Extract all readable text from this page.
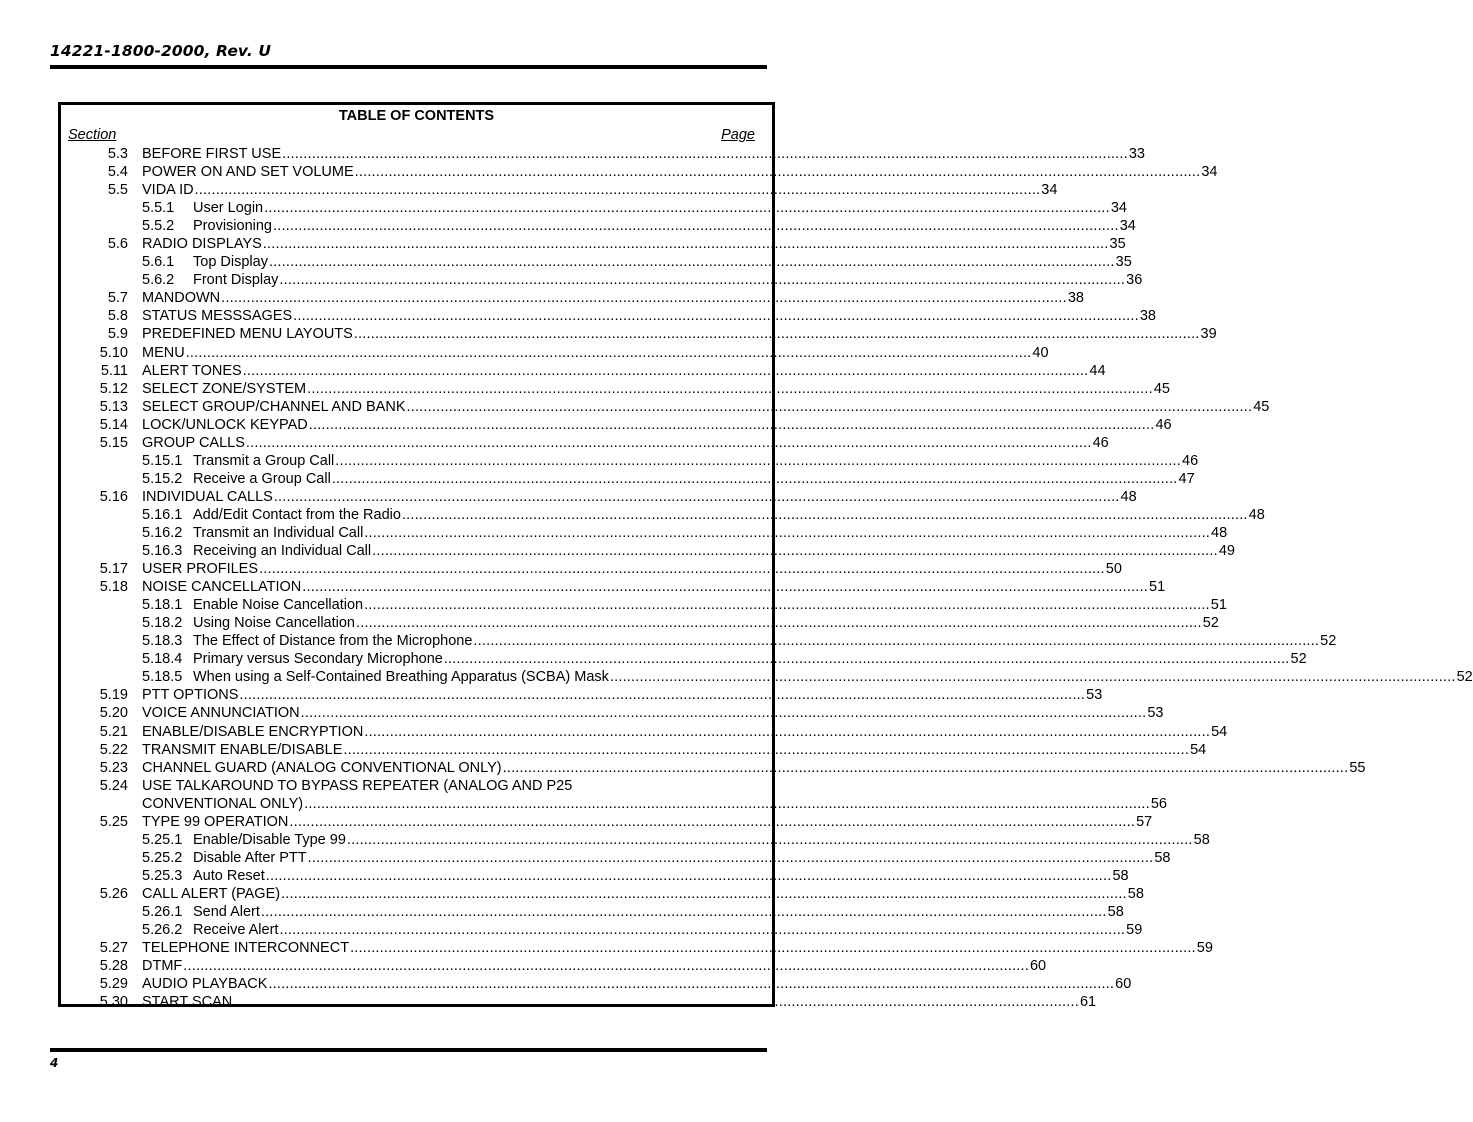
14221-1800-2000, Rev. U
TABLE OF CONTENTS
Section	Page
5.3 BEFORE FIRST USE ........................................................................................................................................................................................................ 33
5.4 POWER ON AND SET VOLUME ........................................................................................................................................................................................................ 34
5.5 VIDA ID ........................................................................................................................................................................................................ 34
5.5.1 User Login ........................................................................................................................................................................................................ 34
5.5.2 Provisioning ........................................................................................................................................................................................................ 34
5.6 RADIO DISPLAYS ........................................................................................................................................................................................................ 35
5.6.1 Top Display ........................................................................................................................................................................................................ 35
5.6.2 Front Display ........................................................................................................................................................................................................ 36
5.7 MANDOWN ........................................................................................................................................................................................................ 38
5.8 STATUS MESSSAGES ........................................................................................................................................................................................................ 38
5.9 PREDEFINED MENU LAYOUTS ........................................................................................................................................................................................................ 39
5.10 MENU ........................................................................................................................................................................................................ 40
5.11 ALERT TONES ........................................................................................................................................................................................................ 44
5.12 SELECT ZONE/SYSTEM ........................................................................................................................................................................................................ 45
5.13 SELECT GROUP/CHANNEL AND BANK ........................................................................................................................................................................................................ 45
5.14 LOCK/UNLOCK KEYPAD ........................................................................................................................................................................................................ 46
5.15 GROUP CALLS ........................................................................................................................................................................................................ 46
5.15.1 Transmit a Group Call ........................................................................................................................................................................................................ 46
5.15.2 Receive a Group Call ........................................................................................................................................................................................................ 47
5.16 INDIVIDUAL CALLS ........................................................................................................................................................................................................ 48
5.16.1 Add/Edit Contact from the Radio ........................................................................................................................................................................................................ 48
5.16.2 Transmit an Individual Call ........................................................................................................................................................................................................ 48
5.16.3 Receiving an Individual Call ........................................................................................................................................................................................................ 49
5.17 USER PROFILES ........................................................................................................................................................................................................ 50
5.18 NOISE CANCELLATION ........................................................................................................................................................................................................ 51
5.18.1 Enable Noise Cancellation ........................................................................................................................................................................................................ 51
5.18.2 Using Noise Cancellation ........................................................................................................................................................................................................ 52
5.18.3 The Effect of Distance from the Microphone ........................................................................................................................................................................................................ 52
5.18.4 Primary versus Secondary Microphone ........................................................................................................................................................................................................ 52
5.18.5 When using a Self-Contained Breathing Apparatus (SCBA) Mask ........................................................................................................................................................................................................ 52
5.19 PTT OPTIONS ........................................................................................................................................................................................................ 53
5.20 VOICE ANNUNCIATION ........................................................................................................................................................................................................ 53
5.21 ENABLE/DISABLE ENCRYPTION ........................................................................................................................................................................................................ 54
5.22 TRANSMIT ENABLE/DISABLE ........................................................................................................................................................................................................ 54
5.23 CHANNEL GUARD (ANALOG CONVENTIONAL ONLY) ........................................................................................................................................................................................................ 55
5.24 USE TALKAROUND TO BYPASS REPEATER (ANALOG AND P25
CONVENTIONAL ONLY) ........................................................................................................................................................................................................ 56
5.25 TYPE 99 OPERATION ........................................................................................................................................................................................................ 57
5.25.1 Enable/Disable Type 99 ........................................................................................................................................................................................................ 58
5.25.2 Disable After PTT ........................................................................................................................................................................................................ 58
5.25.3 Auto Reset ........................................................................................................................................................................................................ 58
5.26 CALL ALERT (PAGE) ........................................................................................................................................................................................................ 58
5.26.1 Send Alert ........................................................................................................................................................................................................ 58
5.26.2 Receive Alert ........................................................................................................................................................................................................ 59
5.27 TELEPHONE INTERCONNECT ........................................................................................................................................................................................................ 59
5.28 DTMF ........................................................................................................................................................................................................ 60
5.29 AUDIO PLAYBACK ........................................................................................................................................................................................................ 60
5.30 START SCAN ........................................................................................................................................................................................................ 61
4
